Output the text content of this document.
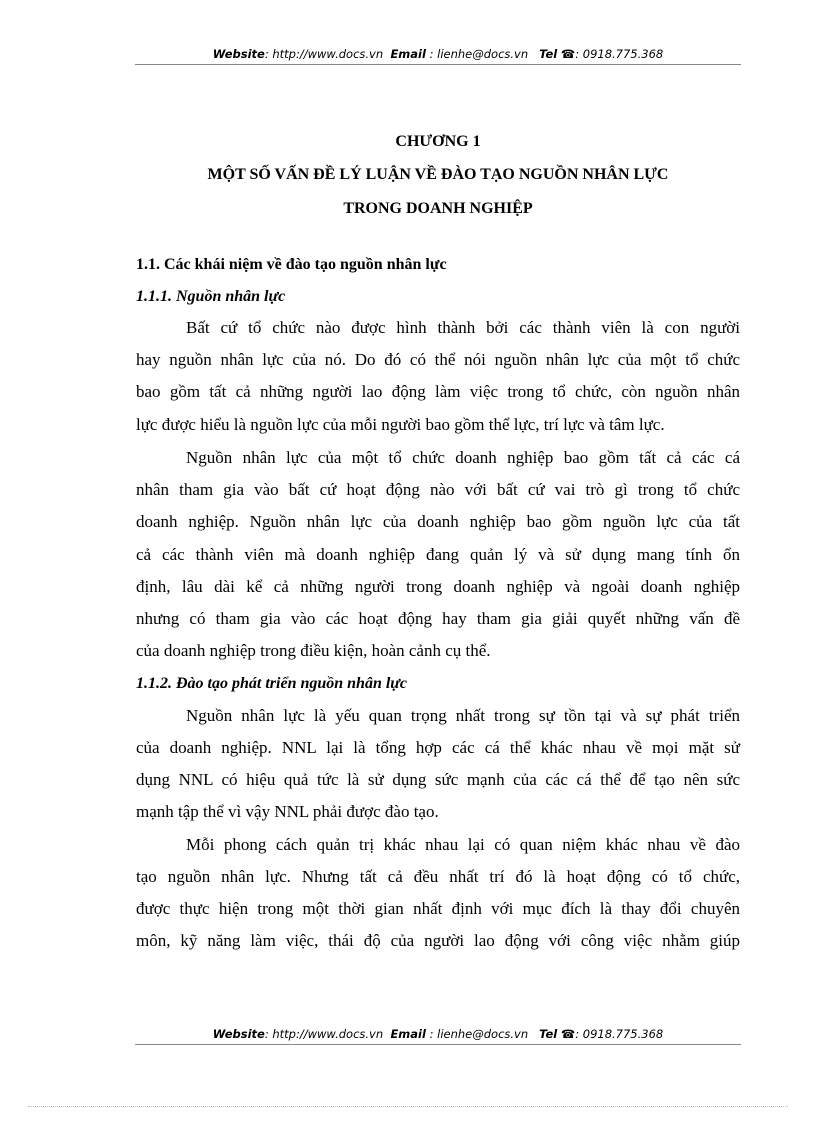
Website: http://www.docs.vn Email : lienhe@docs.vn Tel ☎: 0918.775.368
CHƯƠNG 1
MỘT SỐ VẤN ĐỀ LÝ LUẬN VỀ ĐÀO TẠO NGUỒN NHÂN LỰC
TRONG DOANH NGHIỆP
1.1. Các khái niệm về đào tạo nguồn nhân lực
1.1.1. Nguồn nhân lực
Bất cứ tổ chức nào được hình thành bởi các thành viên là con người
hay nguồn nhân lực của nó. Do đó có thể nói nguồn nhân lực của một tổ chức
bao gồm tất cả những người lao động làm việc trong tổ chức, còn nguồn nhân
lực được hiểu là nguồn lực của mỗi người bao gồm thể lực, trí lực và tâm lực.
Nguồn nhân lực của một tổ chức doanh nghiệp bao gồm tất cả các cá
nhân tham gia vào bất cứ hoạt động nào với bất cứ vai trò gì trong tổ chức
doanh nghiệp. Nguồn nhân lực của doanh nghiệp bao gồm nguồn lực của tất
cả các thành viên mà doanh nghiệp đang quản lý và sử dụng mang tính ổn
định, lâu dài kể cả những người trong doanh nghiệp và ngoài doanh nghiệp
nhưng có tham gia vào các hoạt động hay tham gia giải quyết những vấn đề
của doanh nghiệp trong điều kiện, hoàn cảnh cụ thể.
1.1.2. Đào tạo phát triển nguồn nhân lực
Nguồn nhân lực là yếu quan trọng nhất trong sự tồn tại và sự phát triển
của doanh nghiệp. NNL lại là tổng hợp các cá thể khác nhau về mọi mặt sử
dụng NNL có hiệu quả tức là sử dụng sức mạnh của các cá thể để tạo nên sức
mạnh tập thể vì vậy NNL phải được đào tạo.
Mỗi phong cách quản trị khác nhau lại có quan niệm khác nhau về đào
tạo nguồn nhân lực. Nhưng tất cả đều nhất trí đó là hoạt động có tổ chức,
được thực hiện trong một thời gian nhất định với mục đích là thay đổi chuyên
môn, kỹ năng làm việc, thái độ của người lao động với công việc nhằm giúp
Website: http://www.docs.vn Email : lienhe@docs.vn Tel ☎: 0918.775.368
